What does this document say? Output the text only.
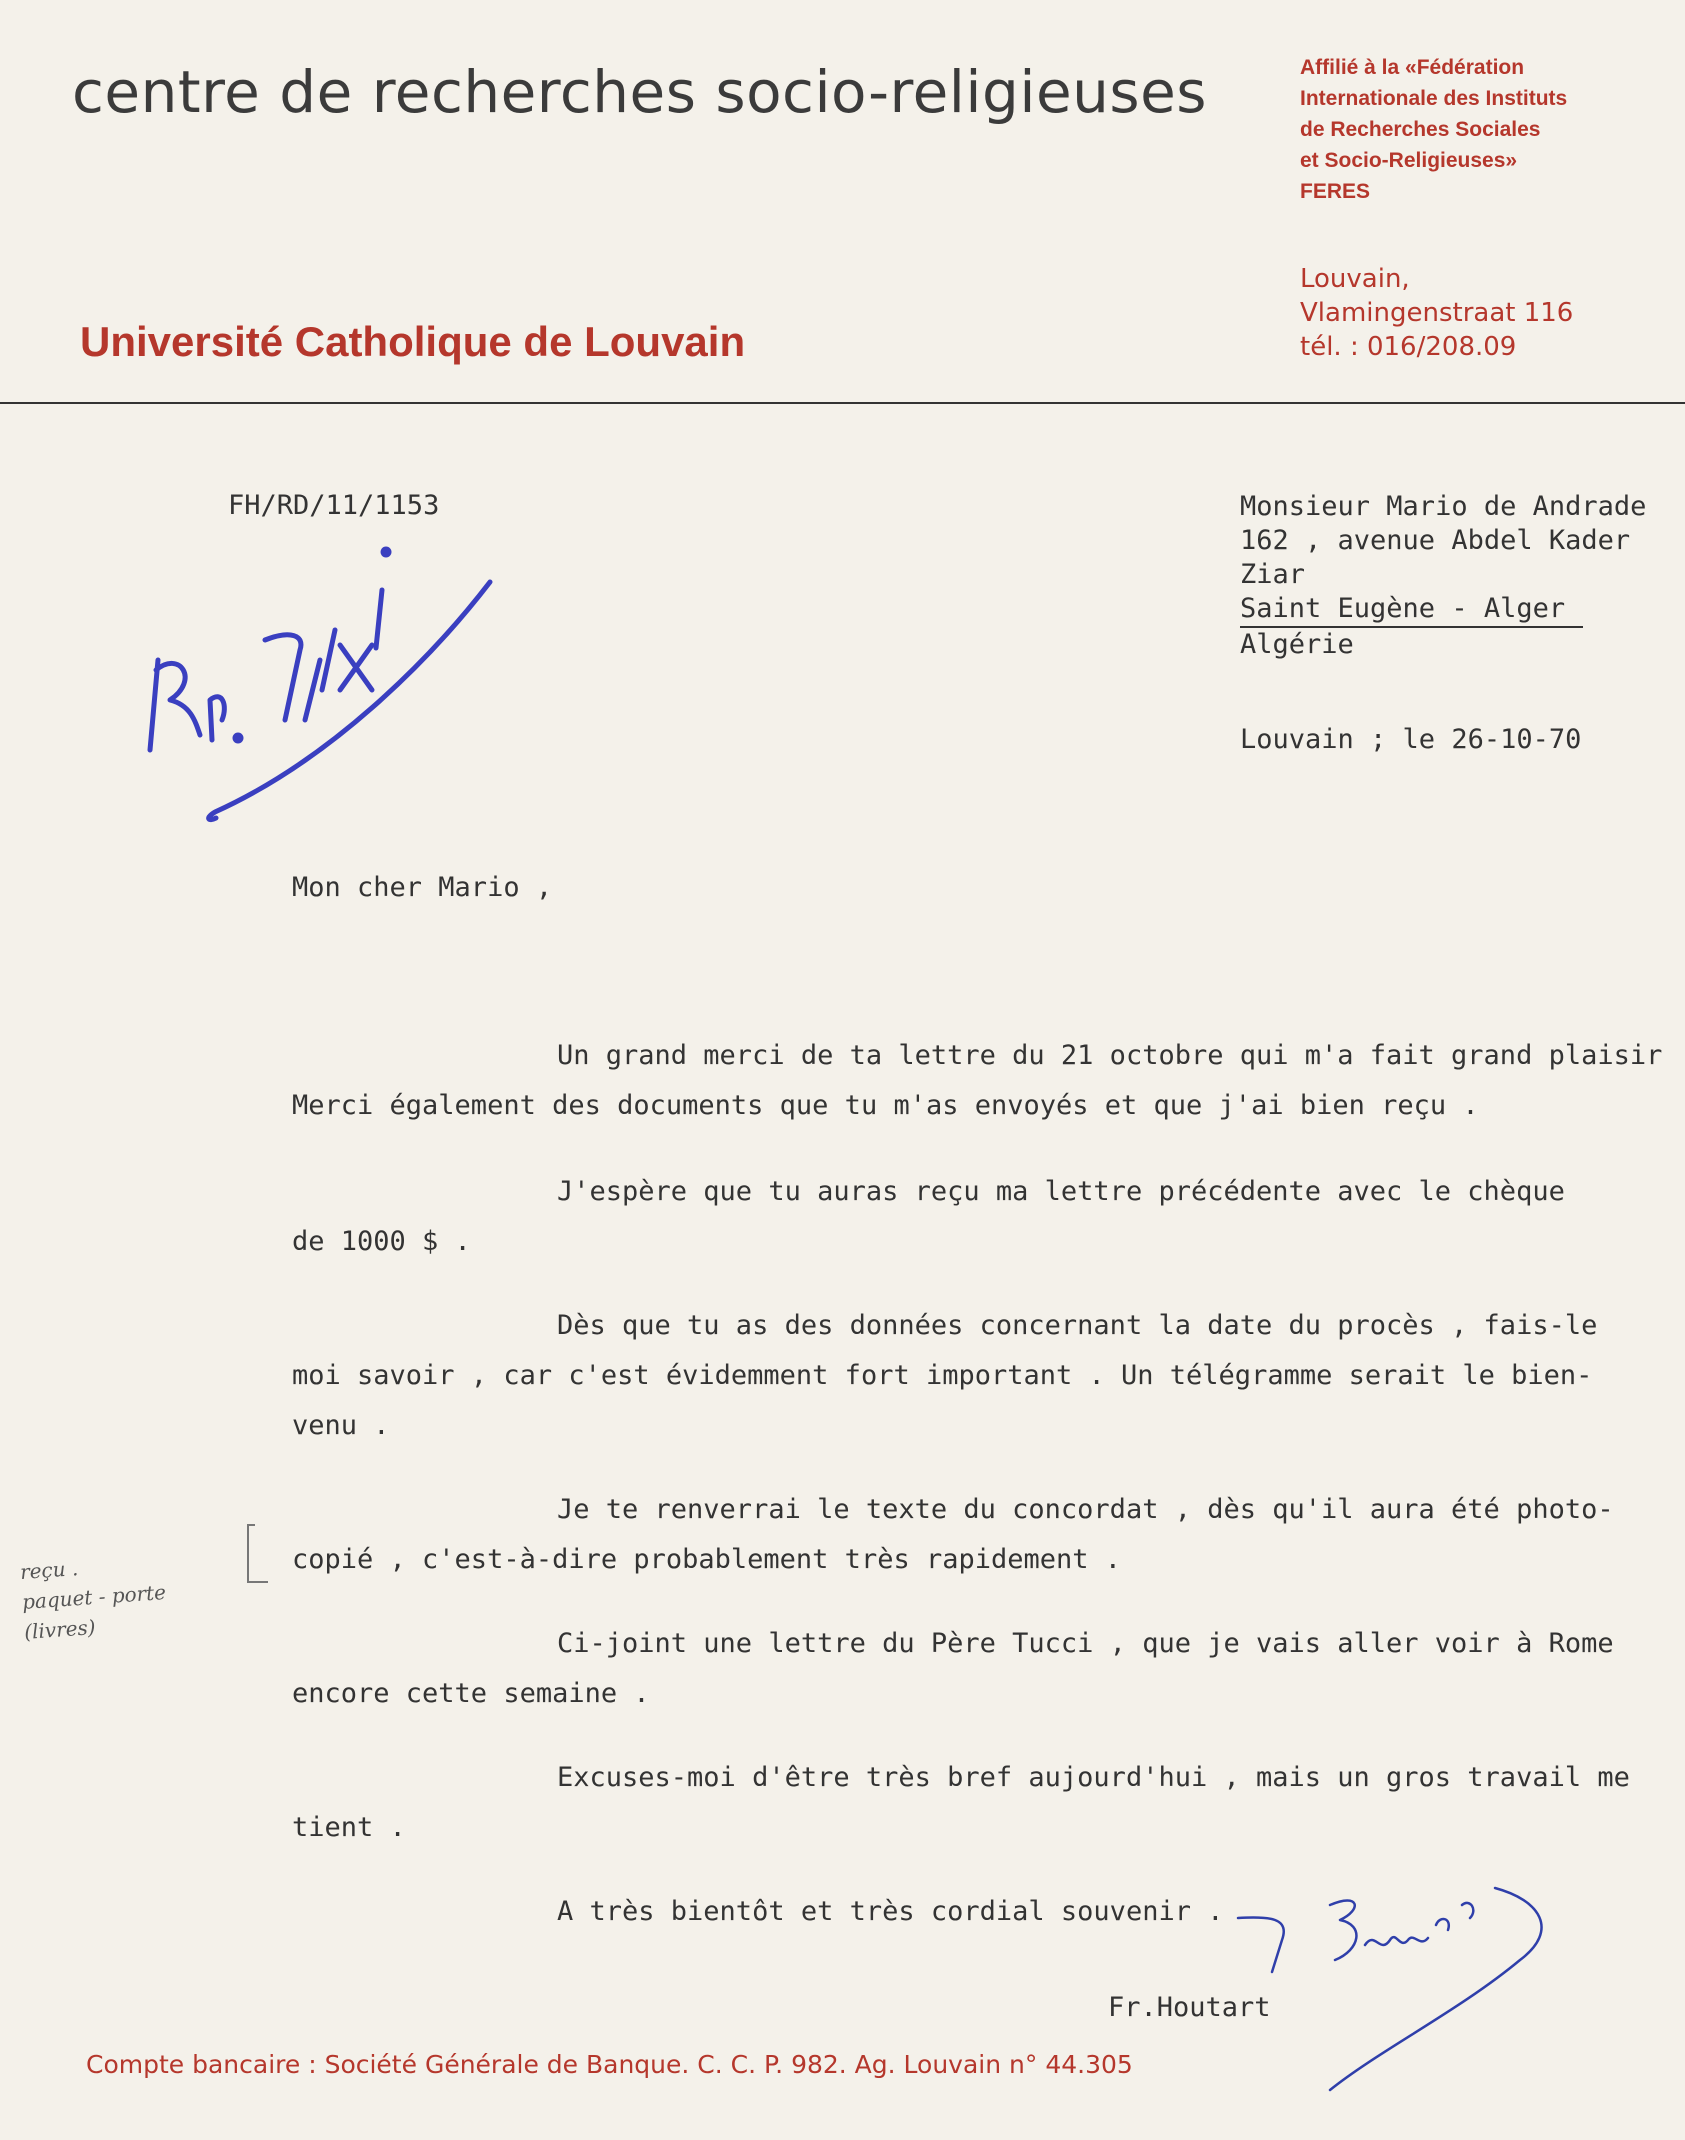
centre de recherches socio-religieuses
Université Catholique de Louvain
Affilié à la «Fédération
Internationale des Instituts
de Recherches Sociales
et Socio-Religieuses»
FERES
Louvain,
Vlamingenstraat 116
tél. : 016/208.09
FH/RD/11/1153	Monsieur Mario de Andrade
162 , avenue Abdel Kader
Ziar
Saint Eugène - Alger
Algérie
Louvain ; le 26-10-70
Mon cher Mario ,
Un grand merci de ta lettre du 21 octobre qui m'a fait grand plaisir
Merci également des documents que tu m'as envoyés et que j'ai bien reçu .
J'espère que tu auras reçu ma lettre précédente avec le chèque
de 1000 $ .
Dès que tu as des données concernant la date du procès , fais-le
moi savoir , car c'est évidemment fort important . Un télégramme serait le bien-
venu .
Je te renverrai le texte du concordat , dès qu'il aura été photo-
copié , c'est-à-dire probablement très rapidement .
Ci-joint une lettre du Père Tucci , que je vais aller voir à Rome
encore cette semaine .
Excuses-moi d'être très bref aujourd'hui , mais un gros travail me
tient .
A très bientôt et très cordial souvenir .
Fr.Houtart
reçu .
paquet - porte
(livres)
Compte bancaire : Société Générale de Banque. C. C. P. 982. Ag. Louvain n° 44.305
